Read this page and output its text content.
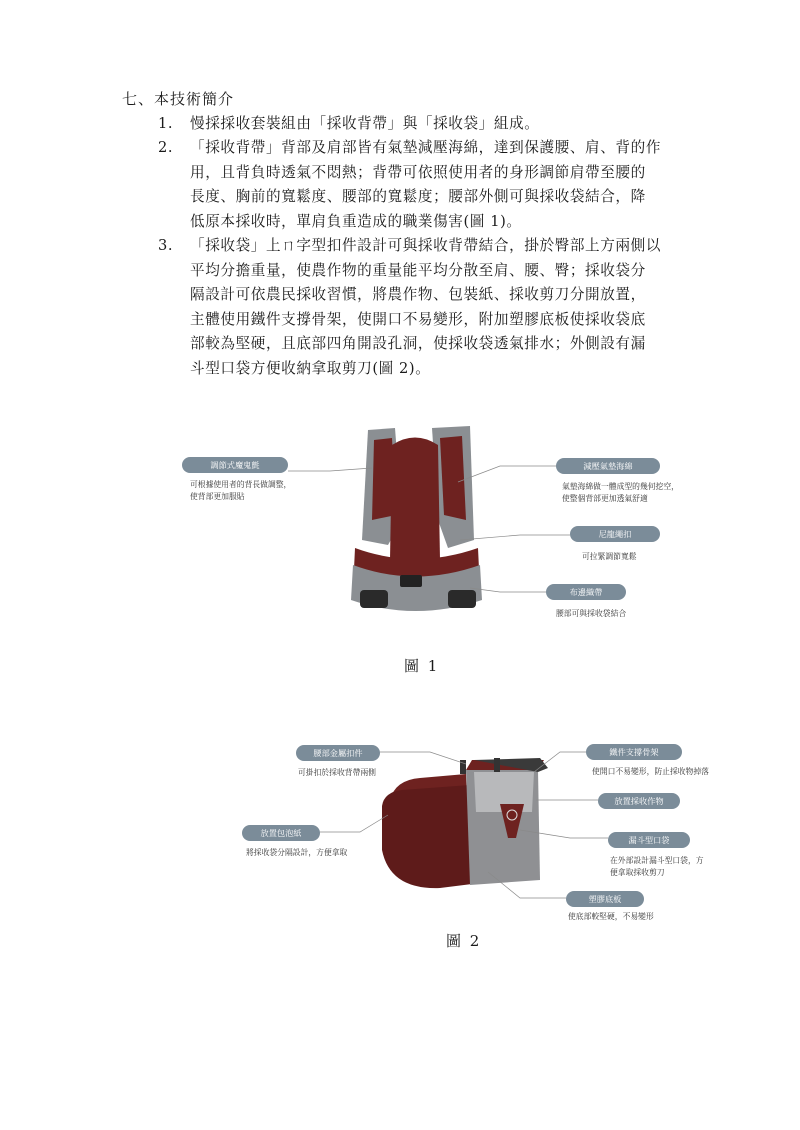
七、本技術簡介
1.	慢採採收套裝組由「採收背帶」與「採收袋」組成。
2.	「採收背帶」背部及肩部皆有氣墊減壓海綿，達到保護腰、肩、背的作
用，且背負時透氣不悶熱；背帶可依照使用者的身形調節肩帶至腰的
長度、胸前的寬鬆度、腰部的寬鬆度；腰部外側可與採收袋結合，降
低原本採收時，單肩負重造成的職業傷害(圖 1)。
3.	「採收袋」上ㄇ字型扣件設計可與採收背帶結合，掛於臀部上方兩側以
平均分擔重量，使農作物的重量能平均分散至肩、腰、臀；採收袋分
隔設計可依農民採收習慣，將農作物、包裝紙、採收剪刀分開放置，
主體使用鐵件支撐骨架，使開口不易變形，附加塑膠底板使採收袋底
部較為堅硬，且底部四角開設孔洞，使採收袋透氣排水；外側設有漏
斗型口袋方便收納拿取剪刀(圖 2)。
調節式魔鬼氈
可根據使用者的背長做調整，
使背部更加服貼
減壓氣墊海綿
氣墊海綿做一體成型的幾何挖空，
使整個背部更加透氣舒適
尼龍繩扣
可拉緊調節寬鬆
布邊織帶
腰部可與採收袋結合
腰部金屬扣件
可掛扣於採收背帶兩側
鐵件支撐骨架
使開口不易變形，防止採收物掉落
放置採收作物
放置包泡紙
將採收袋分隔設計，方便拿取
漏斗型口袋
在外部設計漏斗型口袋，方
便拿取採收剪刀
塑膠底板
使底部較堅硬，不易變形
圖 1
圖 2
